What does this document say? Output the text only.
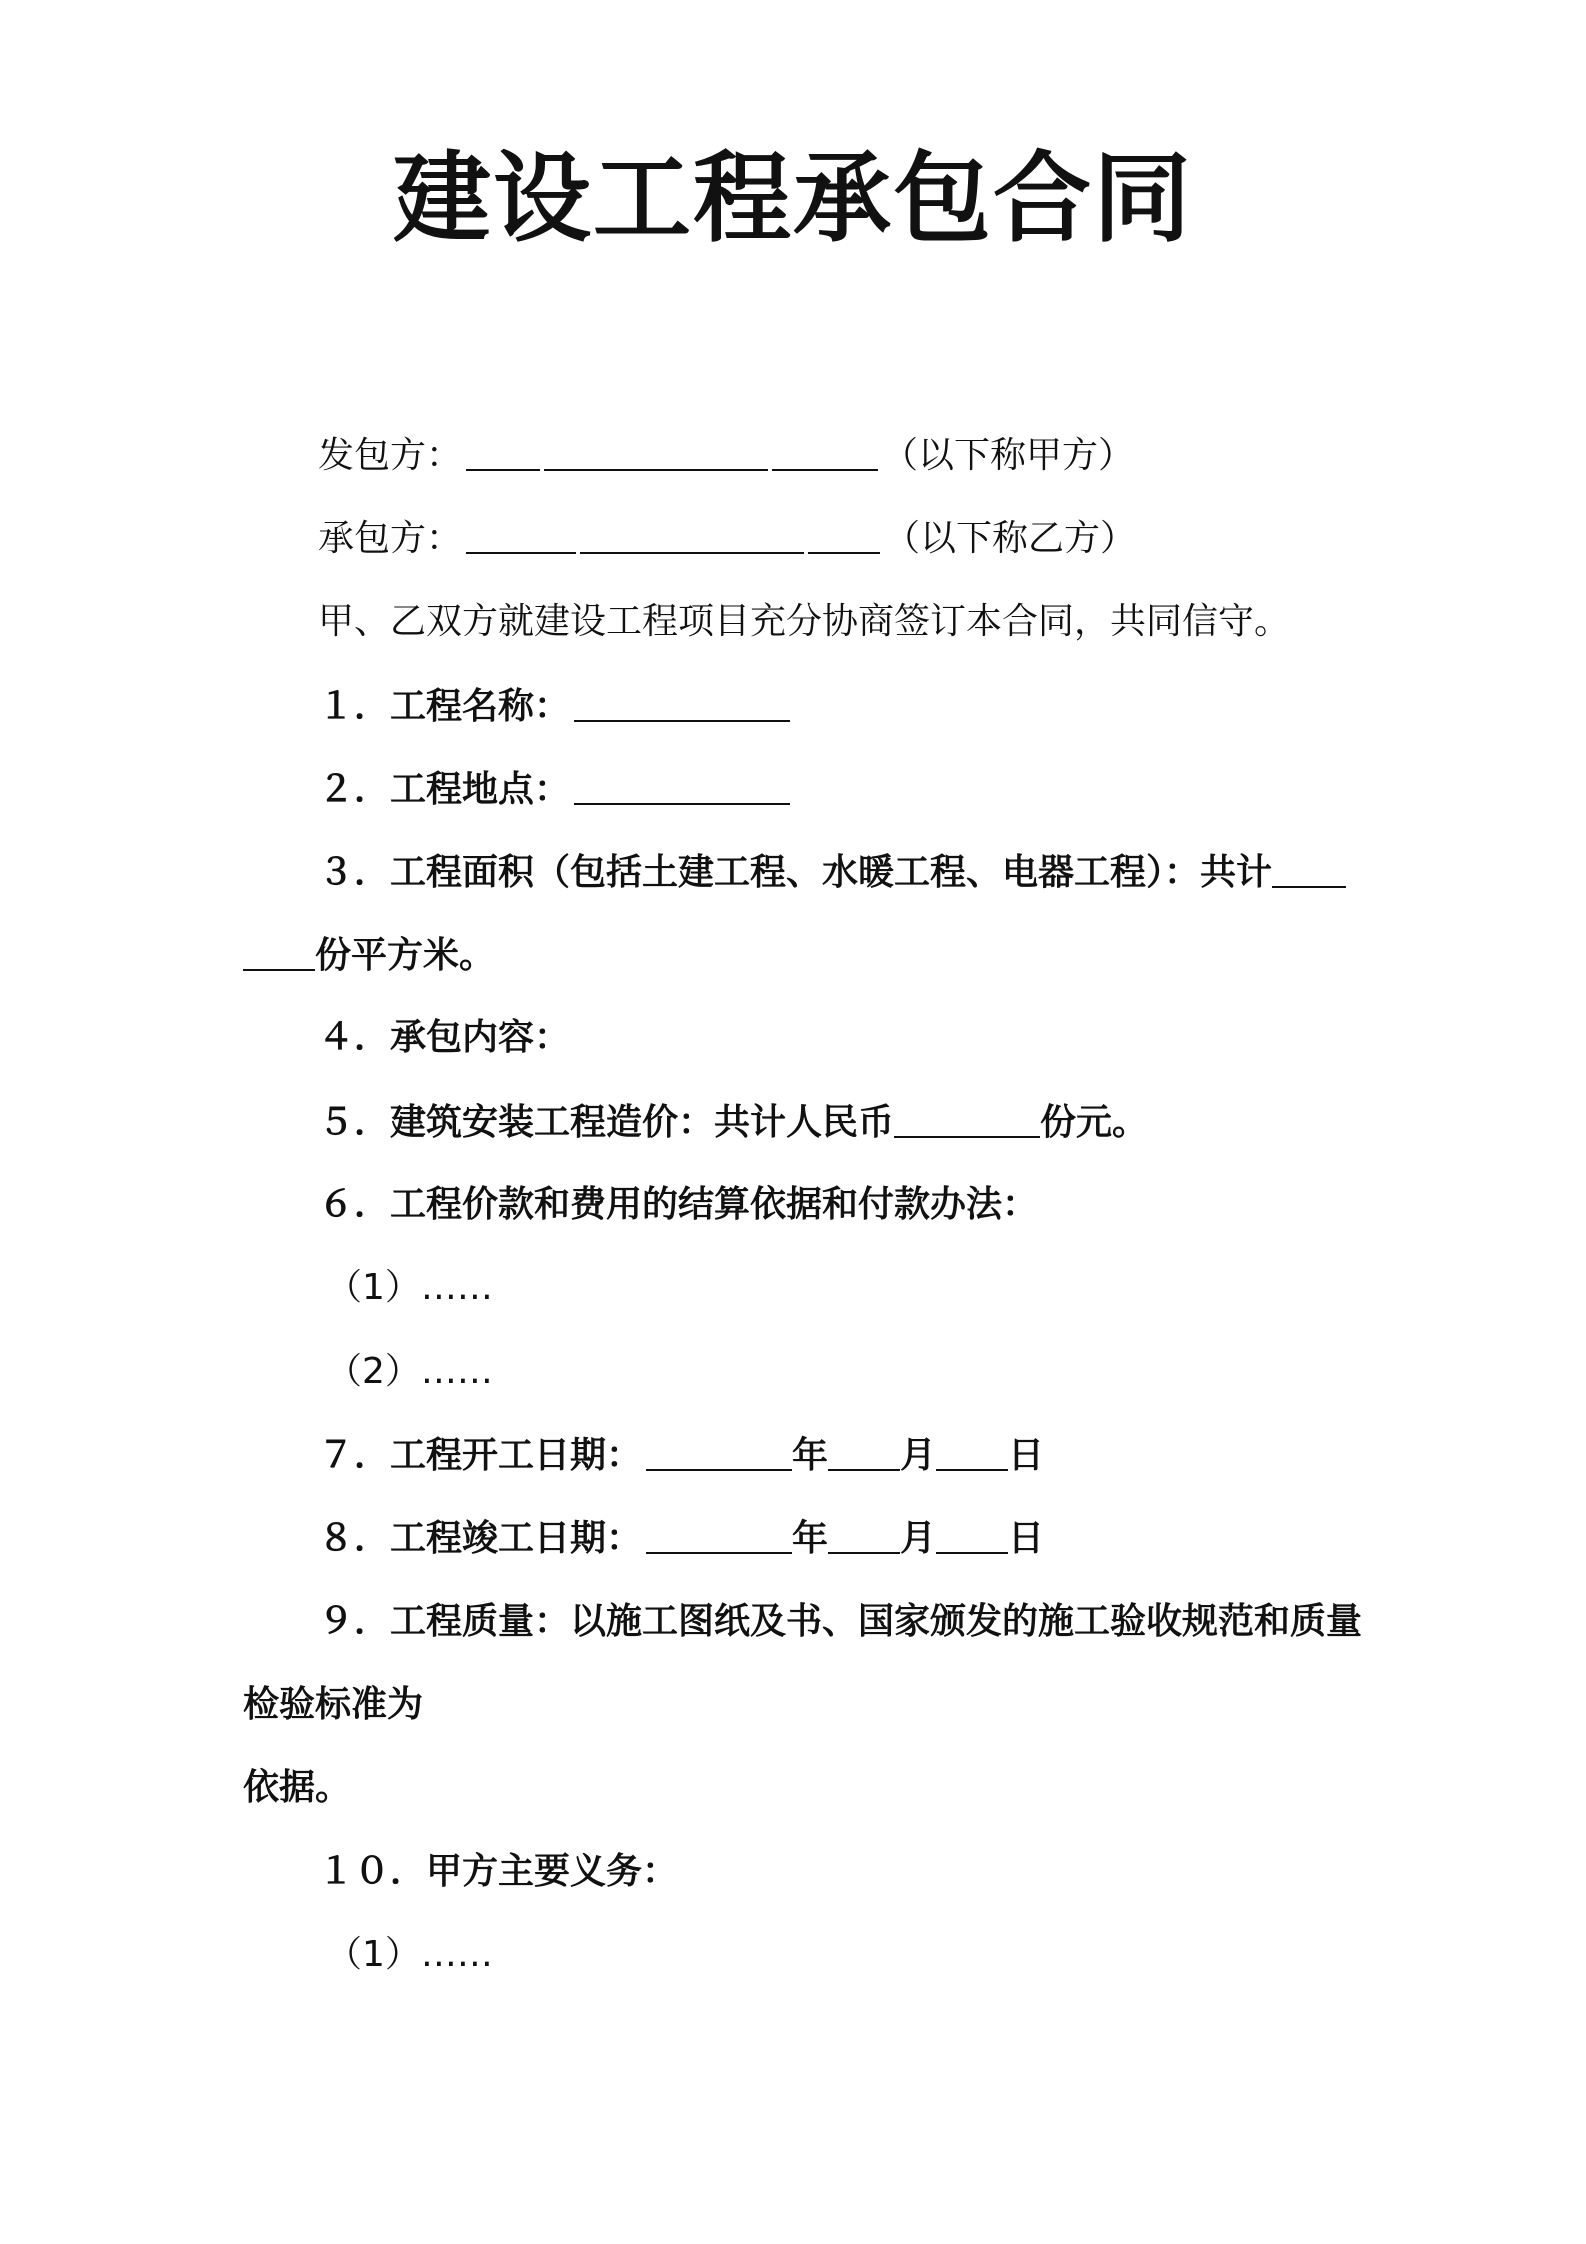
建设工程承包合同
发包方：	（以下称甲方）
承包方：	（以下称乙方）
甲、乙双方就建设工程项目充分协商签订本合同，共同信守。
１．工程名称：
２．工程地点：
３．工程面积（包括土建工程、水暖工程、电器工程）：共计
份平方米。
４．承包内容：
５．建筑安装工程造价：共计人民币	份元。
６．工程价款和费用的结算依据和付款办法：
（1）……
（2）……
７．工程开工日期：	年 月 日
８．工程竣工日期：	年 月 日
９．工程质量：以施工图纸及书、国家颁发的施工验收规范和质量
检验标准为
依据。
１０．甲方主要义务：
（1）……
